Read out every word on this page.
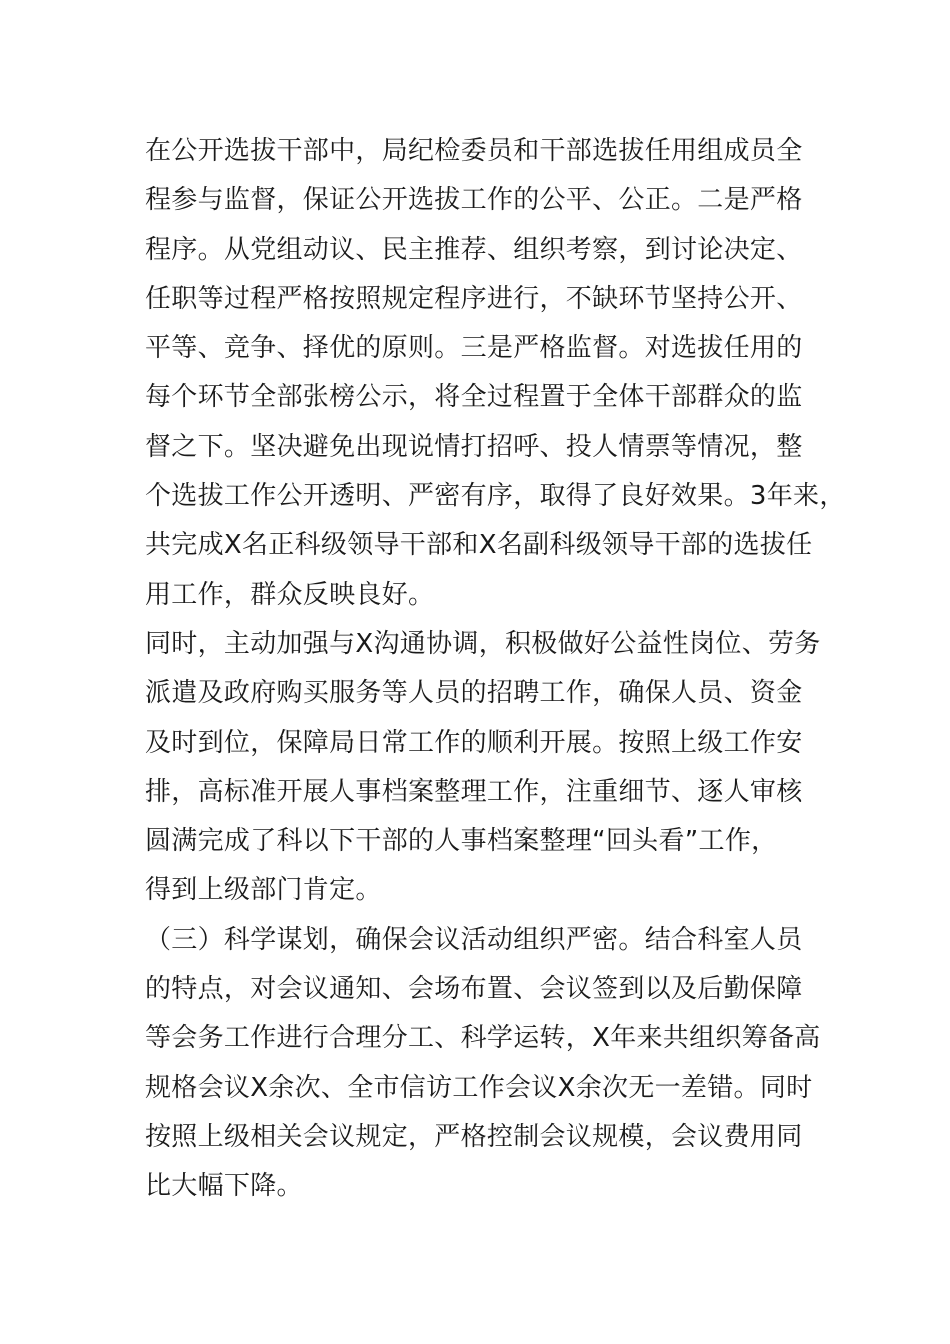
在公开选拔干部中，局纪检委员和干部选拔任用组成员全
程参与监督，保证公开选拔工作的公平、公正。二是严格
程序。从党组动议、民主推荐、组织考察，到讨论决定、
任职等过程严格按照规定程序进行，不缺环节坚持公开、
平等、竞争、择优的原则。三是严格监督。对选拔任用的
每个环节全部张榜公示，将全过程置于全体干部群众的监
督之下。坚决避免出现说情打招呼、投人情票等情况，整
个选拔工作公开透明、严密有序，取得了良好效果。3年来，
共完成X名正科级领导干部和X名副科级领导干部的选拔任
用工作，群众反映良好。
同时，主动加强与X沟通协调，积极做好公益性岗位、劳务
派遣及政府购买服务等人员的招聘工作，确保人员、资金
及时到位，保障局日常工作的顺利开展。按照上级工作安
排，高标准开展人事档案整理工作，注重细节、逐人审核
圆满完成了科以下干部的人事档案整理“回头看”工作，
得到上级部门肯定。
（三）科学谋划，确保会议活动组织严密。结合科室人员
的特点，对会议通知、会场布置、会议签到以及后勤保障
等会务工作进行合理分工、科学运转，X年来共组织筹备高
规格会议X余次、全市信访工作会议X余次无一差错。同时
按照上级相关会议规定，严格控制会议规模，会议费用同
比大幅下降。
